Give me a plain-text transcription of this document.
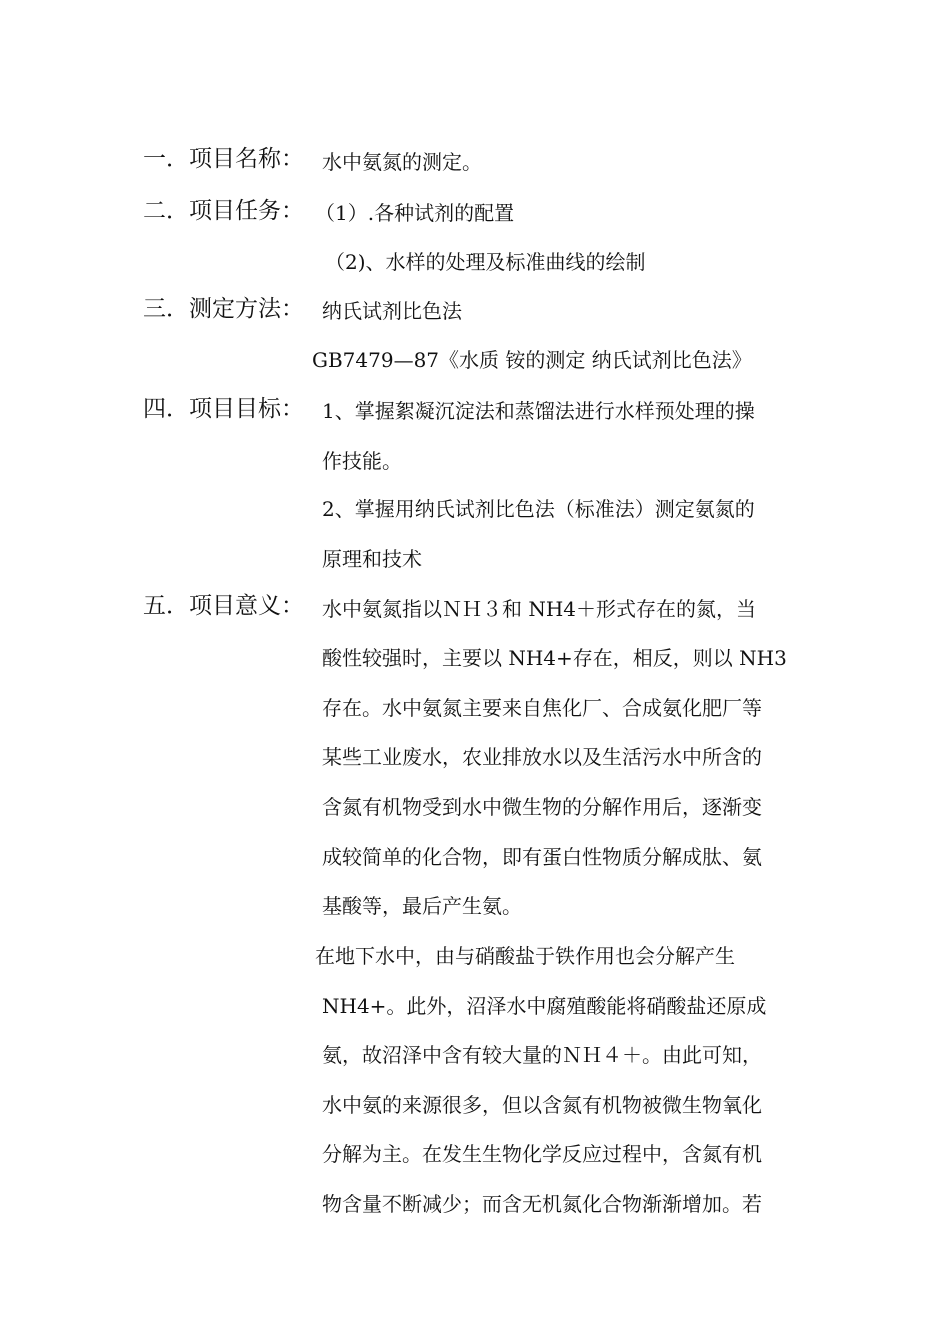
一．项目名称： 水中氨氮的测定。
二．项目任务： （1）.各种试剂的配置
（2)、水样的处理及标准曲线的绘制
三．测定方法： 纳氏试剂比色法
GB7479—87《水质 铵的测定 纳氏试剂比色法》
四．项目目标： 1、掌握絮凝沉淀法和蒸馏法进行水样预处理的操
作技能。
2、掌握用纳氏试剂比色法（标准法）测定氨氮的
原理和技术
五．项目意义： 水中氨氮指以ＮＨ３和 NH4＋形式存在的氮，当
酸性较强时，主要以 NH4+存在，相反，则以 NH3
存在。水中氨氮主要来自焦化厂、合成氨化肥厂等
某些工业废水，农业排放水以及生活污水中所含的
含氮有机物受到水中微生物的分解作用后，逐渐变
成较简单的化合物，即有蛋白性物质分解成肽、氨
基酸等，最后产生氨。
在地下水中，由与硝酸盐于铁作用也会分解产生
NH4+。此外，沼泽水中腐殖酸能将硝酸盐还原成
氨，故沼泽中含有较大量的ＮＨ４＋。由此可知，
水中氨的来源很多，但以含氮有机物被微生物氧化
分解为主。在发生生物化学反应过程中，含氮有机
物含量不断减少；而含无机氮化合物渐渐增加。若
